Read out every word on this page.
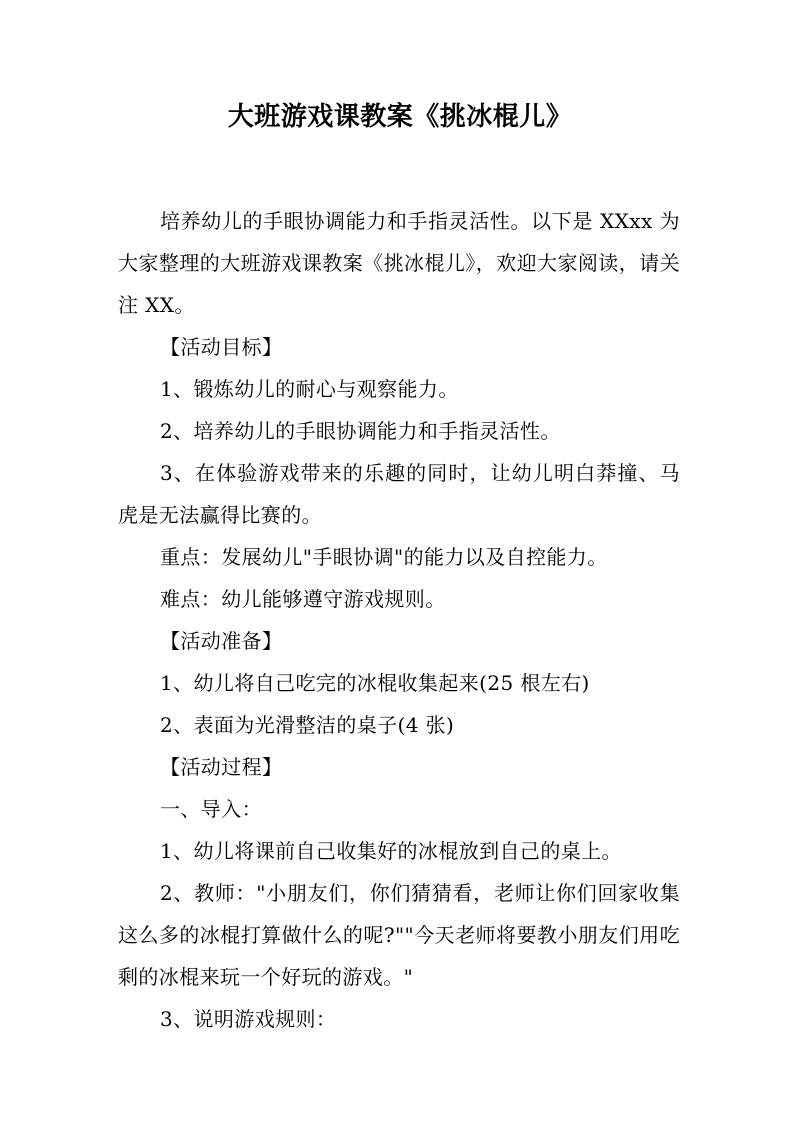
大班游戏课教案《挑冰棍儿》

培养幼儿的手眼协调能力和手指灵活性。以下是 XXxx 为大家整理的大班游戏课教案《挑冰棍儿》，欢迎大家阅读，请关注 XX。

【活动目标】

1、锻炼幼儿的耐心与观察能力。

2、培养幼儿的手眼协调能力和手指灵活性。

3、在体验游戏带来的乐趣的同时，让幼儿明白莽撞、马虎是无法赢得比赛的。

重点：发展幼儿"手眼协调"的能力以及自控能力。

难点：幼儿能够遵守游戏规则。

【活动准备】

1、幼儿将自己吃完的冰棍收集起来(25 根左右)

2、表面为光滑整洁的桌子(4 张)

【活动过程】

一、导入：

1、幼儿将课前自己收集好的冰棍放到自己的桌上。

2、教师："小朋友们，你们猜猜看，老师让你们回家收集这么多的冰棍打算做什么的呢?""今天老师将要教小朋友们用吃剩的冰棍来玩一个好玩的游戏。"

3、说明游戏规则：
